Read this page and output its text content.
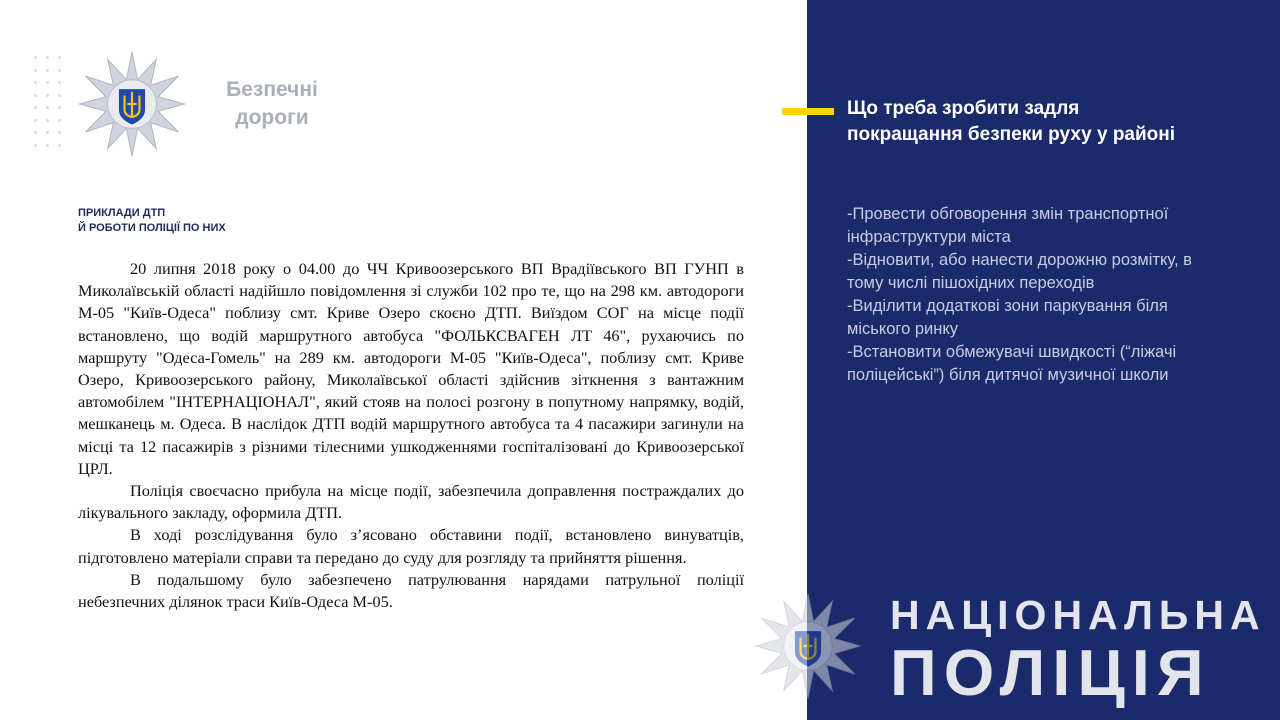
Безпечні
дороги
ПРИКЛАДИ ДТП
Й РОБОТИ ПОЛІЦІЇ ПО НИХ

20 липня 2018 року о 04.00 до ЧЧ Кривоозерського ВП Врадіївського ВП ГУНП в Миколаївській області надійшло повідомлення зі служби 102 про те, що на 298 км. автодороги М-05 "Київ-Одеса" поблизу смт. Криве Озеро скоєно ДТП. Виїздом СОГ на місце події встановлено, що водій маршрутного автобуса "ФОЛЬКСВАГЕН ЛТ 46", рухаючись по маршруту "Одеса-Гомель" на 289 км. автодороги М-05 "Київ-Одеса", поблизу смт. Криве Озеро, Кривоозерського району, Миколаївської області здійснив зіткнення з вантажним автомобілем "ІНТЕРНАЦІОНАЛ", який стояв на полосі розгону в попутному напрямку, водій, мешканець м. Одеса. В наслідок ДТП водій маршрутного автобуса та 4 пасажири загинули на місці та 12 пасажирів з різними тілесними ушкодженнями госпіталізовані до Кривоозерської ЦРЛ.

Поліція своєчасно прибула на місце події, забезпечила доправлення постраждалих до лікувального закладу, оформила ДТП.

В ході розслідування було з’ясовано обставини події, встановлено винуватців, підготовлено матеріали справи та передано до суду для розгляду та прийняття рішення.

В подальшому було забезпечено патрулювання нарядами патрульної поліції небезпечних ділянок траси Київ-Одеса М-05.

Що треба зробити задля покращання безпеки руху у районі
-Провести обговорення змін транспортної інфраструктури міста
-Відновити, або нанести дорожню розмітку, в тому числі пішохідних переходів
-Виділити додаткові зони паркування біля міського ринку
-Встановити обмежувачі швидкості (“лiжачі поліцейські”) біля дитячої музичної школи
НАЦІОНАЛЬНА
ПОЛІЦІЯ
